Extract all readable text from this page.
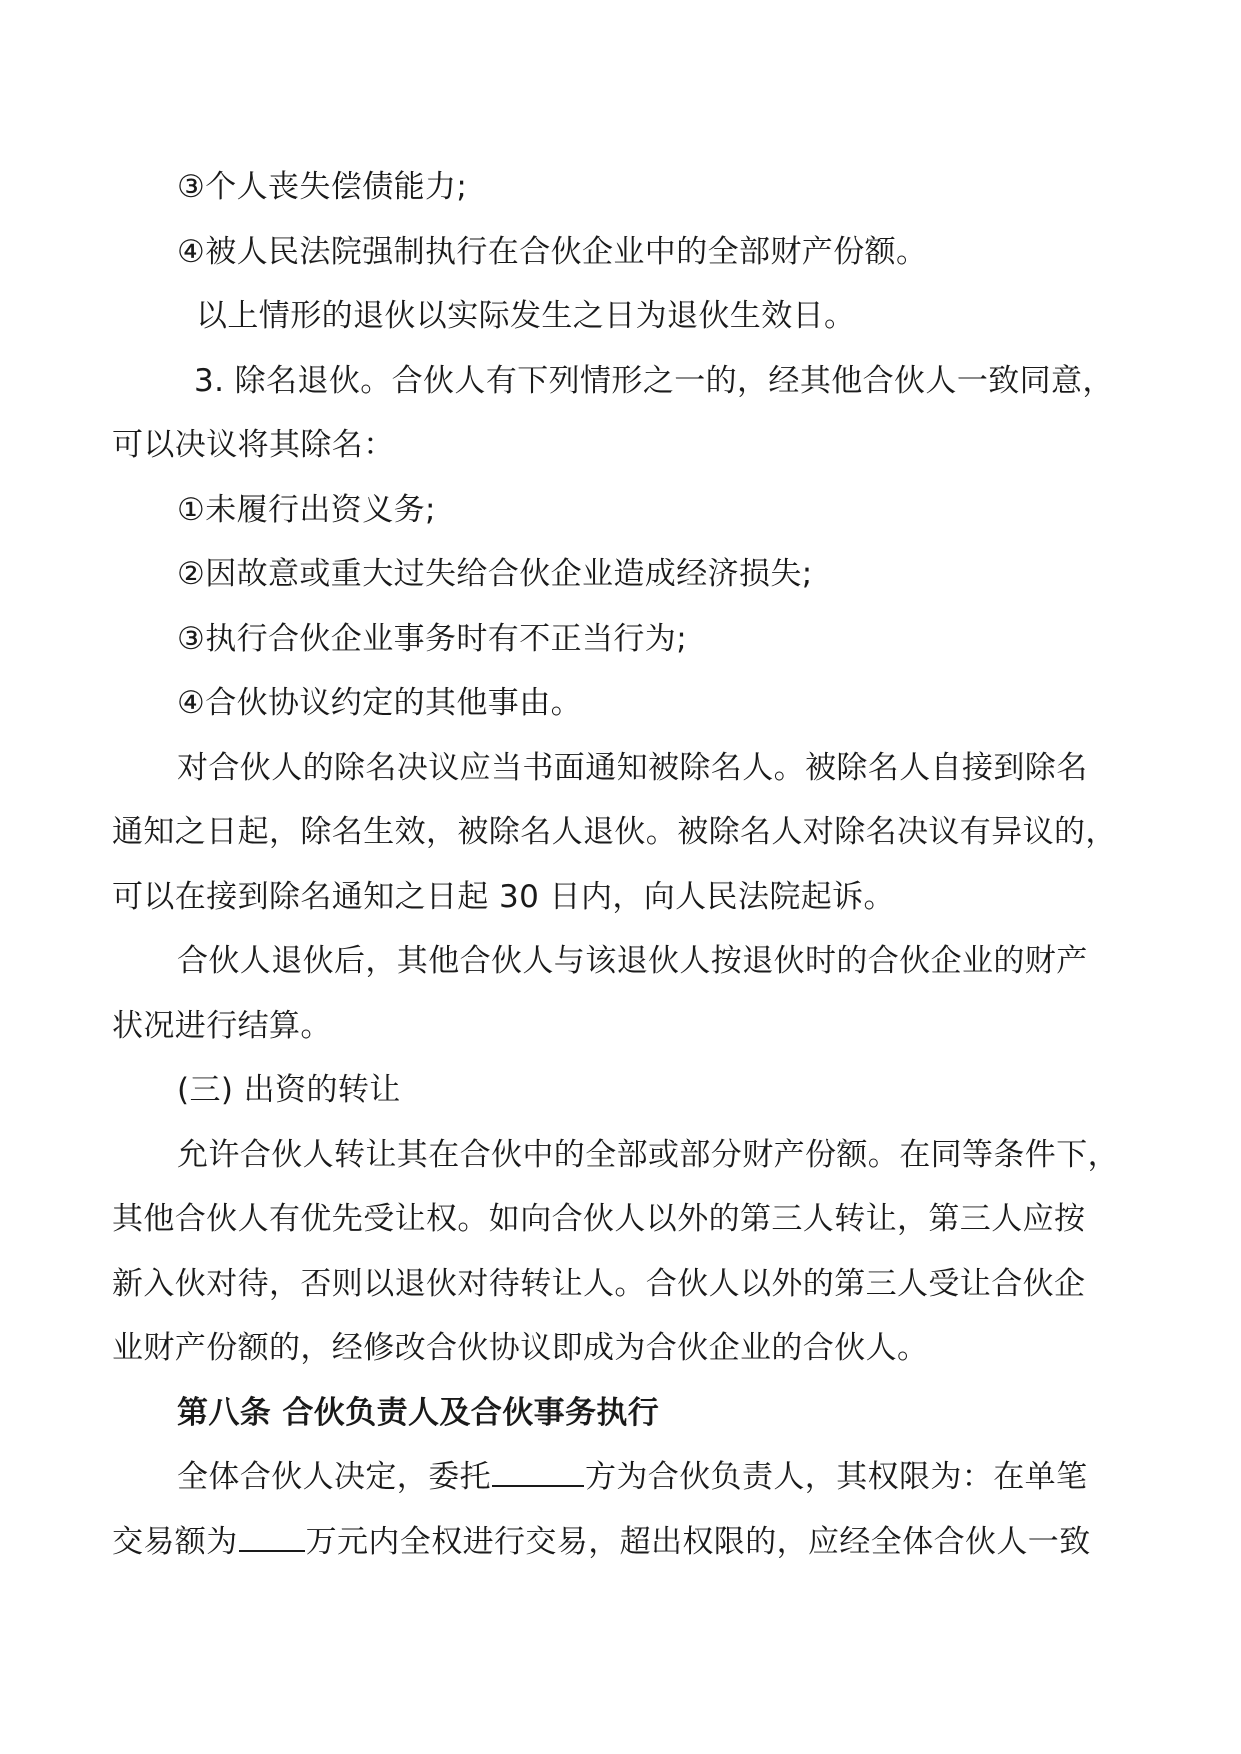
③个人丧失偿债能力;

④被人民法院强制执行在合伙企业中的全部财产份额。

以上情形的退伙以实际发生之日为退伙生效日。

3. 除名退伙。合伙人有下列情形之一的，经其他合伙人一致同意，

可以决议将其除名：

①未履行出资义务;

②因故意或重大过失给合伙企业造成经济损失;

③执行合伙企业事务时有不正当行为;

④合伙协议约定的其他事由。

对合伙人的除名决议应当书面通知被除名人。被除名人自接到除名

通知之日起，除名生效，被除名人退伙。被除名人对除名决议有异议的，

可以在接到除名通知之日起 30 日内，向人民法院起诉。

合伙人退伙后，其他合伙人与该退伙人按退伙时的合伙企业的财产

状况进行结算。

(三) 出资的转让

允许合伙人转让其在合伙中的全部或部分财产份额。在同等条件下，

其他合伙人有优先受让权。如向合伙人以外的第三人转让，第三人应按

新入伙对待，否则以退伙对待转让人。合伙人以外的第三人受让合伙企

业财产份额的，经修改合伙协议即成为合伙企业的合伙人。

第八条 合伙负责人及合伙事务执行

全体合伙人决定，委托	方为合伙负责人，其权限为：在单笔

交易额为 万元内全权进行交易，超出权限的，应经全体合伙人一致
